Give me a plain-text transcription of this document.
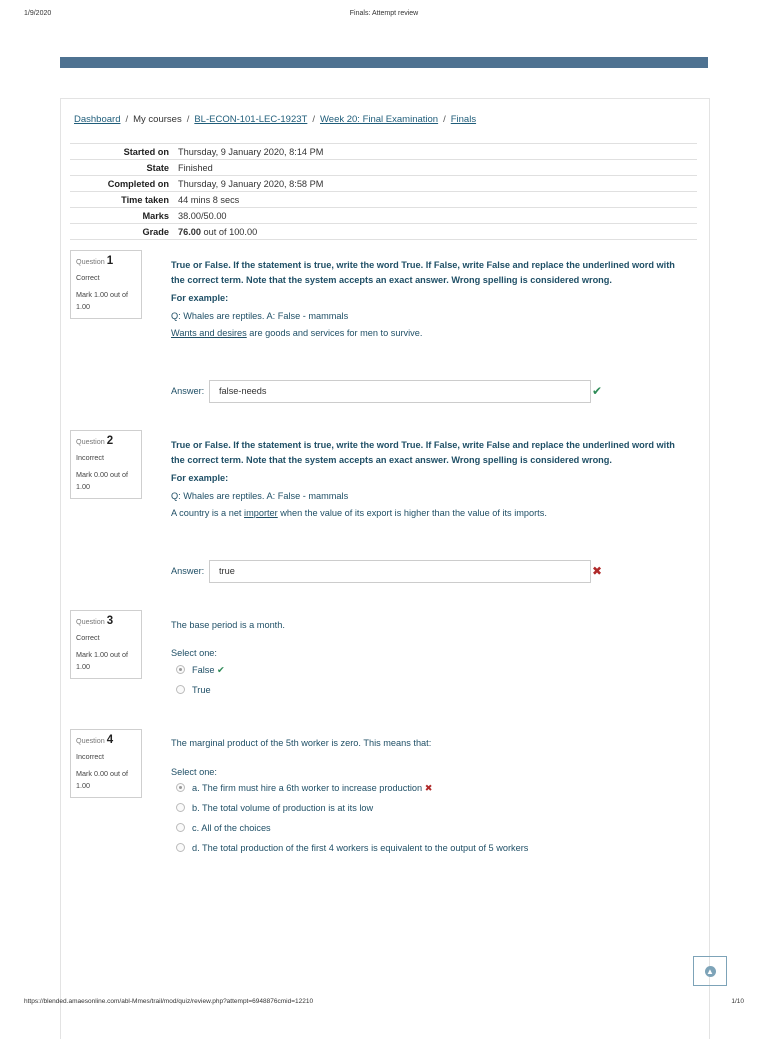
1/9/2020	Finals: Attempt review
Dashboard / My courses / BL-ECON-101-LEC-1923T / Week 20: Final Examination / Finals
Started on	Thursday, 9 January 2020, 8:14 PM
State	Finished
Completed on	Thursday, 9 January 2020, 8:58 PM
Time taken	44 mins 8 secs
Marks	38.00/50.00
Grade	76.00 out of 100.00
Question 1
Correct
Mark 1.00 out of 1.00
True or False. If the statement is true, write the word True. If False, write False and replace the underlined word with the correct term. Note that the system accepts an exact answer. Wrong spelling is considered wrong.
For example:
Q: Whales are reptiles. A: False - mammals
Wants and desires are goods and services for men to survive.
Answer:	false-needs	✔
Question 2
Incorrect
Mark 0.00 out of 1.00
True or False. If the statement is true, write the word True. If False, write False and replace the underlined word with the correct term. Note that the system accepts an exact answer. Wrong spelling is considered wrong.
For example:
Q: Whales are reptiles. A: False - mammals
A country is a net importer when the value of its export is higher than the value of its imports.
Answer:	true	✖
Question 3
Correct
Mark 1.00 out of 1.00
The base period is a month.
Select one:
False ✔
True
Question 4
Incorrect
Mark 0.00 out of 1.00
The marginal product of the 5th worker is zero. This means that:
Select one:
a. The firm must hire a 6th worker to increase production ✖
b. The total volume of production is at its low
c. All of the choices
d. The total production of the first 4 workers is equivalent to the output of 5 workers
▲
https://blended.amaesonline.com/abl-Mmes/trail/mod/quiz/review.php?attempt=6948876cmid=12210	1/10
